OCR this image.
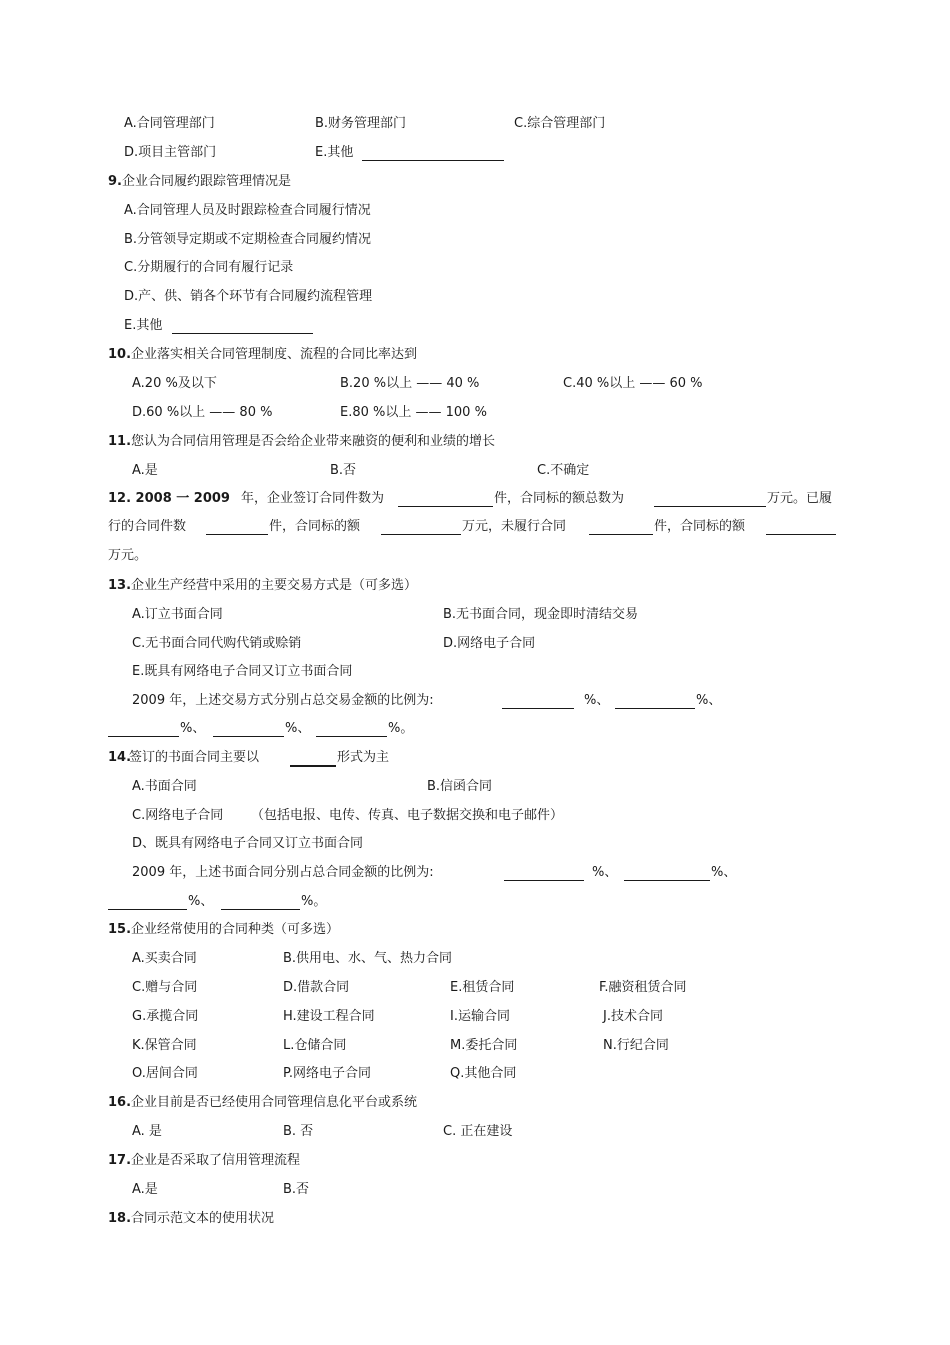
A.合同管理部门	B.财务管理部门	C.综合管理部门
D.项目主管部门	E.其他
9.企业合同履约跟踪管理情况是
A.合同管理人员及时跟踪检查合同履行情况
B.分管领导定期或不定期检查合同履约情况
C.分期履行的合同有履行记录
D.产、供、销各个环节有合同履约流程管理
E.其他
10.企业落实相关合同管理制度、流程的合同比率达到
A.20 %及以下	B.20 %以上 —— 40 %	C.40 %以上 —— 60 %
D.60 %以上 —— 80 %	E.80 %以上 —— 100 %
11.您认为合同信用管理是否会给企业带来融资的便利和业绩的增长
A.是	B.否	C.不确定
12. 2008 一 2009 年，企业签订合同件数为	件，合同标的额总数为	万元。已履
行的合同件数	件，合同标的额	万元，未履行合同	件，合同标的额
万元。
13.企业生产经营中采用的主要交易方式是（可多选）
A.订立书面合同	B.无书面合同，现金即时清结交易
C.无书面合同代购代销或赊销	D.网络电子合同
E.既具有网络电子合同又订立书面合同
2009 年，上述交易方式分别占总交易金额的比例为:	%、	%、
%、	%、	%。
14.
签订的书面合同主要以	形式为主
A.书面合同	B.信函合同
C.网络电子合同 （包括电报、电传、传真、电子数据交换和电子邮件）
D、既具有网络电子合同又订立书面合同
2009 年，上述书面合同分别占总合同金额的比例为:	%、	%、
%、	%。
15.企业经常使用的合同种类（可多选）
A.买卖合同	B.供用电、水、气、热力合同
C.赠与合同	D.借款合同	E.租赁合同	F.融资租赁合同
G.承揽合同	H.建设工程合同	I.运输合同	J.技术合同
K.保管合同	L.仓储合同	M.委托合同	N.行纪合同
O.居间合同	P.网络电子合同	Q.其他合同
16.企业目前是否已经使用合同管理信息化平台或系统
A. 是	B. 否	C. 正在建设
17.企业是否采取了信用管理流程
A.是	B.否
18.合同示范文本的使用状况
